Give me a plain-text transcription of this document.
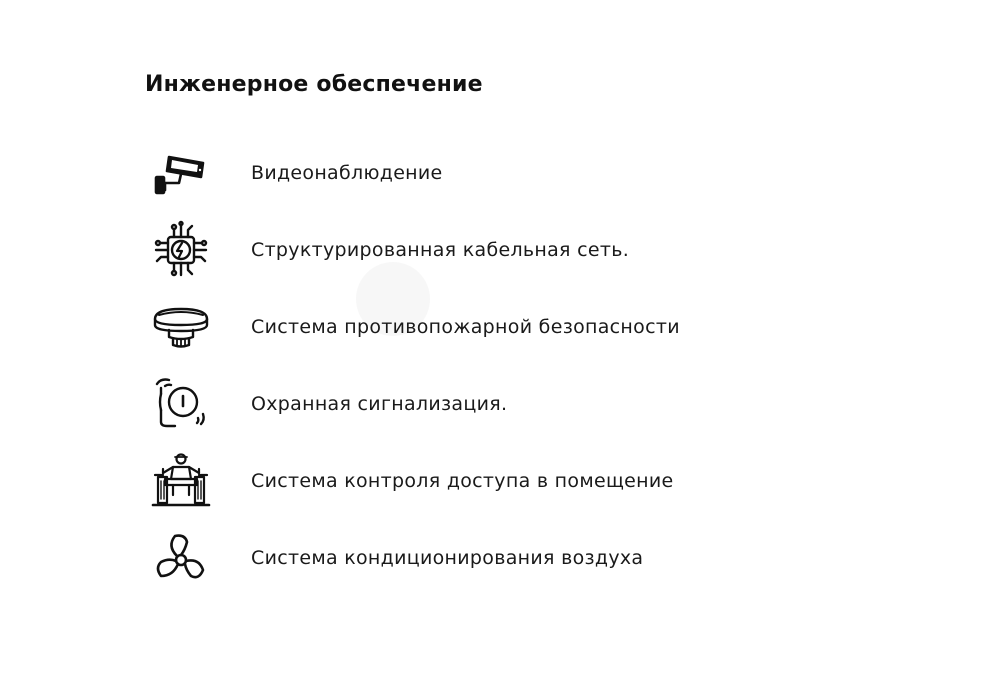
Инженерное обеспечение
Видеонаблюдение
Структурированная кабельная сеть.
Система противопожарной безопасности
Охранная сигнализация.
Система контроля доступа в помещение
Система кондиционирования воздуха
